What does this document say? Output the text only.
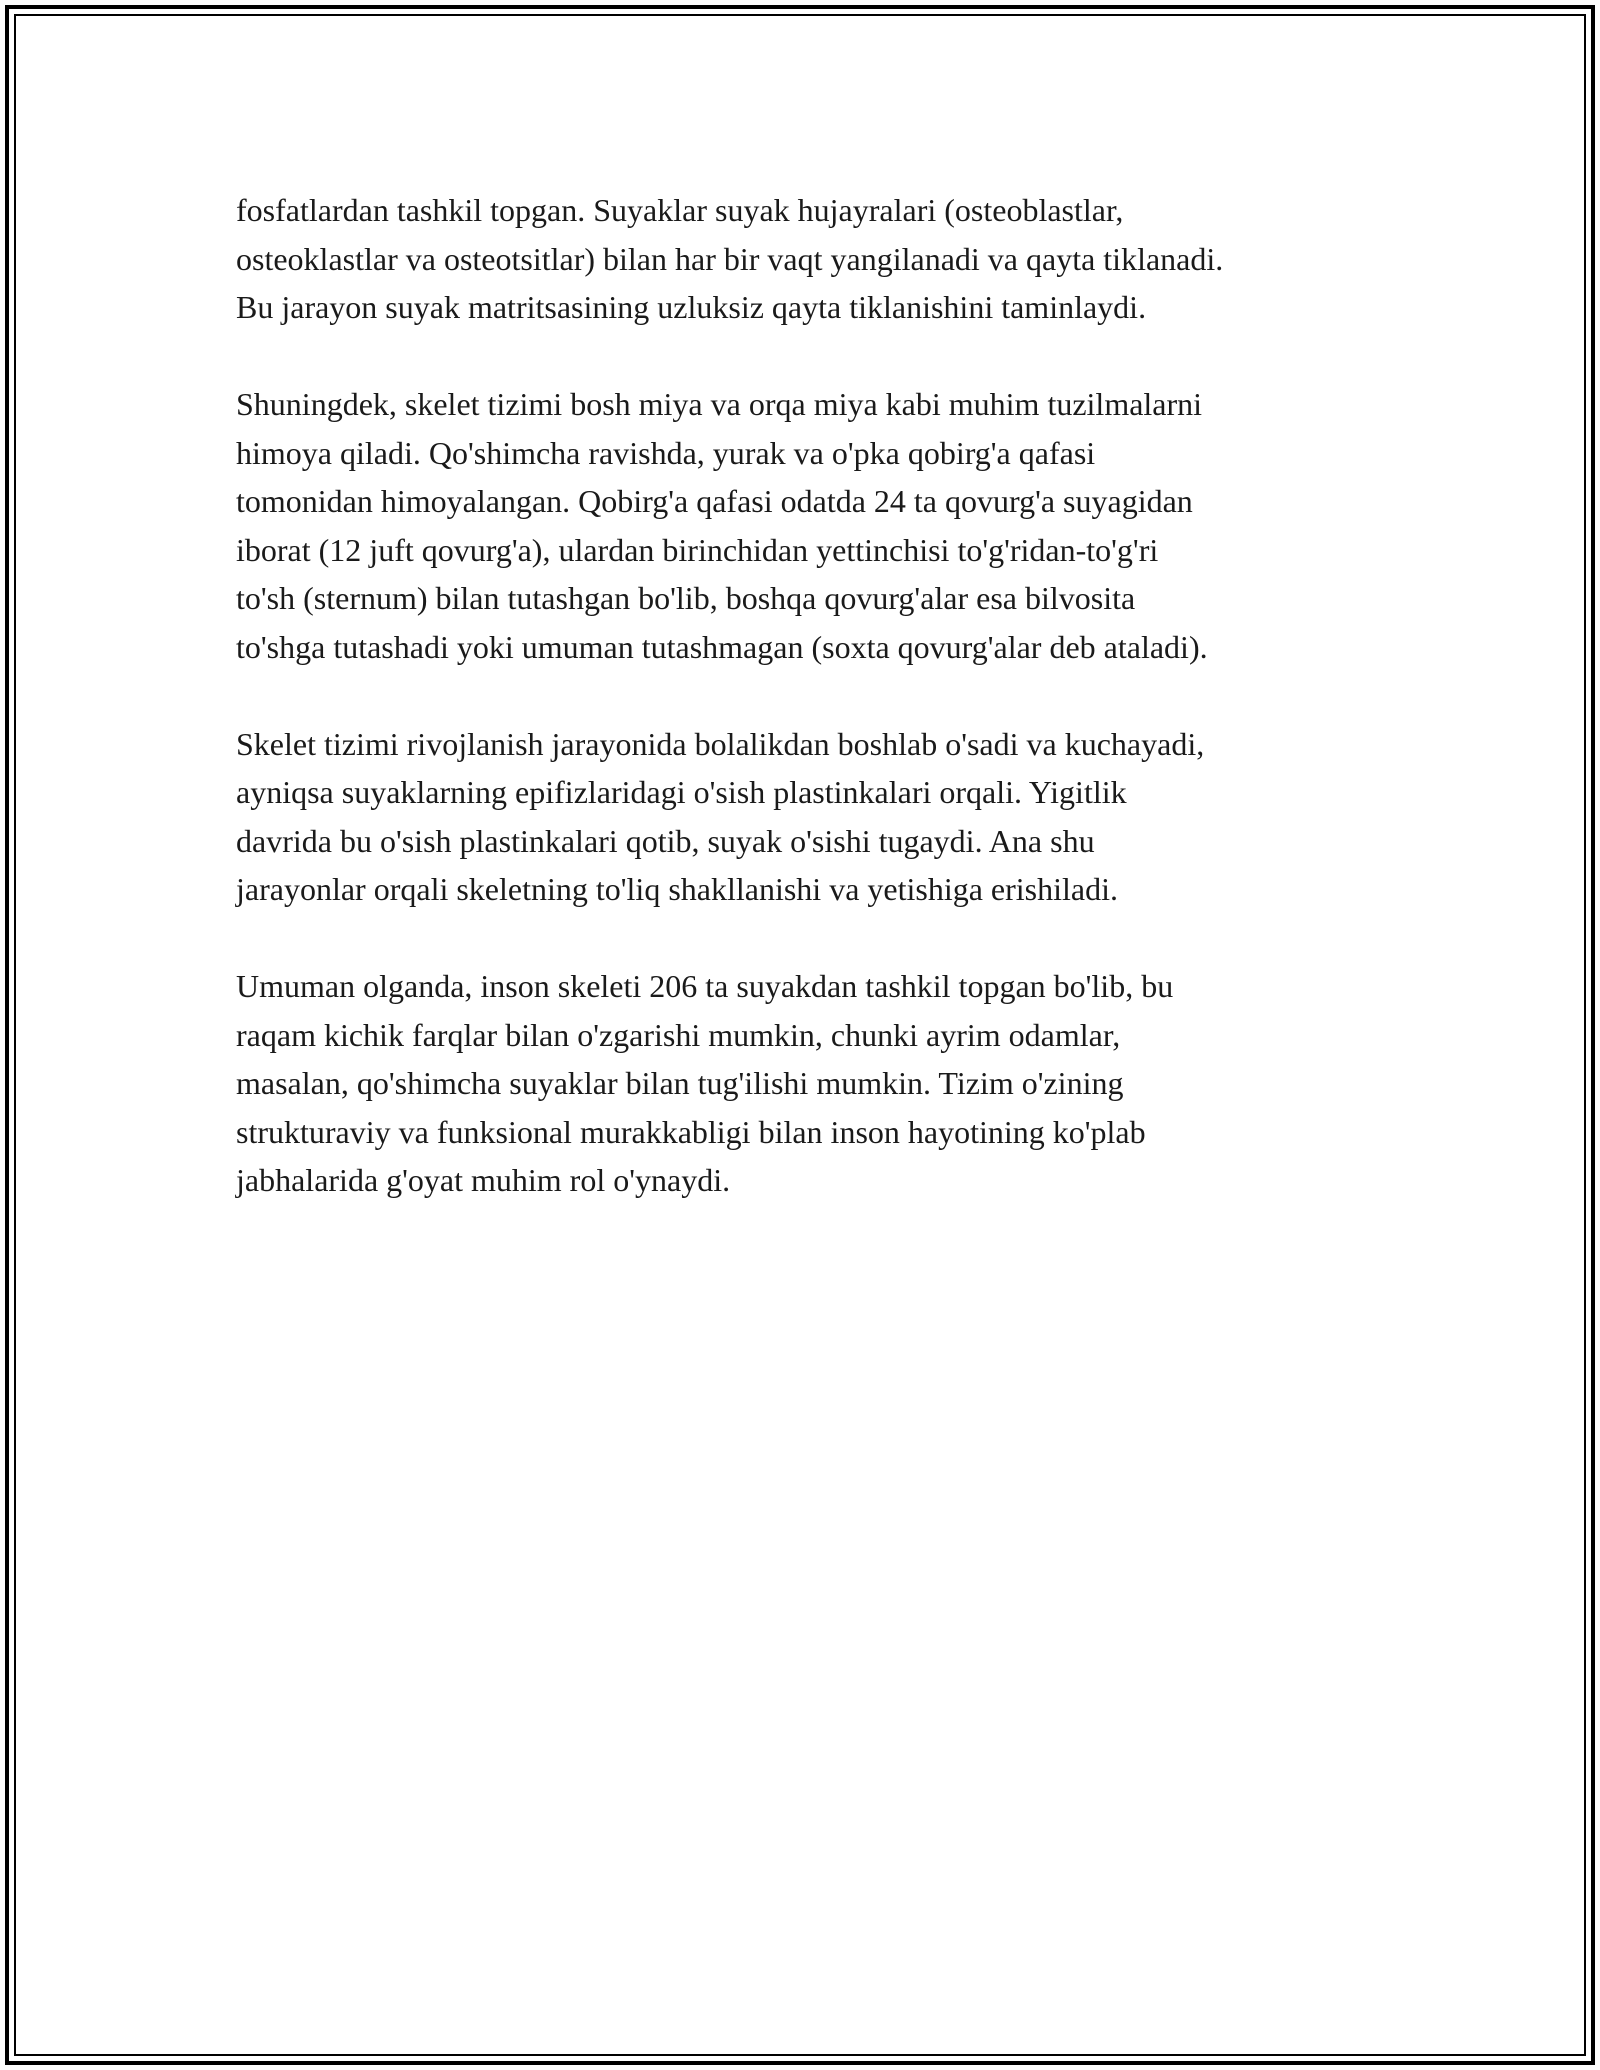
fosfatlardan tashkil topgan. Suyaklar suyak hujayralari (osteoblastlar,
osteoklastlar va osteotsitlar) bilan har bir vaqt yangilanadi va qayta tiklanadi.
Bu jarayon suyak matritsasining uzluksiz qayta tiklanishini taminlaydi.

Shuningdek, skelet tizimi bosh miya va orqa miya kabi muhim tuzilmalarni
himoya qiladi. Qo'shimcha ravishda, yurak va o'pka qobirg'a qafasi
tomonidan himoyalangan. Qobirg'a qafasi odatda 24 ta qovurg'a suyagidan
iborat (12 juft qovurg'a), ulardan birinchidan yettinchisi to'g'ridan-to'g'ri
to'sh (sternum) bilan tutashgan bo'lib, boshqa qovurg'alar esa bilvosita
to'shga tutashadi yoki umuman tutashmagan (soxta qovurg'alar deb ataladi).

Skelet tizimi rivojlanish jarayonida bolalikdan boshlab o'sadi va kuchayadi,
ayniqsa suyaklarning epifizlaridagi o'sish plastinkalari orqali. Yigitlik
davrida bu o'sish plastinkalari qotib, suyak o'sishi tugaydi. Ana shu
jarayonlar orqali skeletning to'liq shakllanishi va yetishiga erishiladi.

Umuman olganda, inson skeleti 206 ta suyakdan tashkil topgan bo'lib, bu
raqam kichik farqlar bilan o'zgarishi mumkin, chunki ayrim odamlar,
masalan, qo'shimcha suyaklar bilan tug'ilishi mumkin. Tizim o'zining
strukturaviy va funksional murakkabligi bilan inson hayotining ko'plab
jabhalarida g'oyat muhim rol o'ynaydi.
